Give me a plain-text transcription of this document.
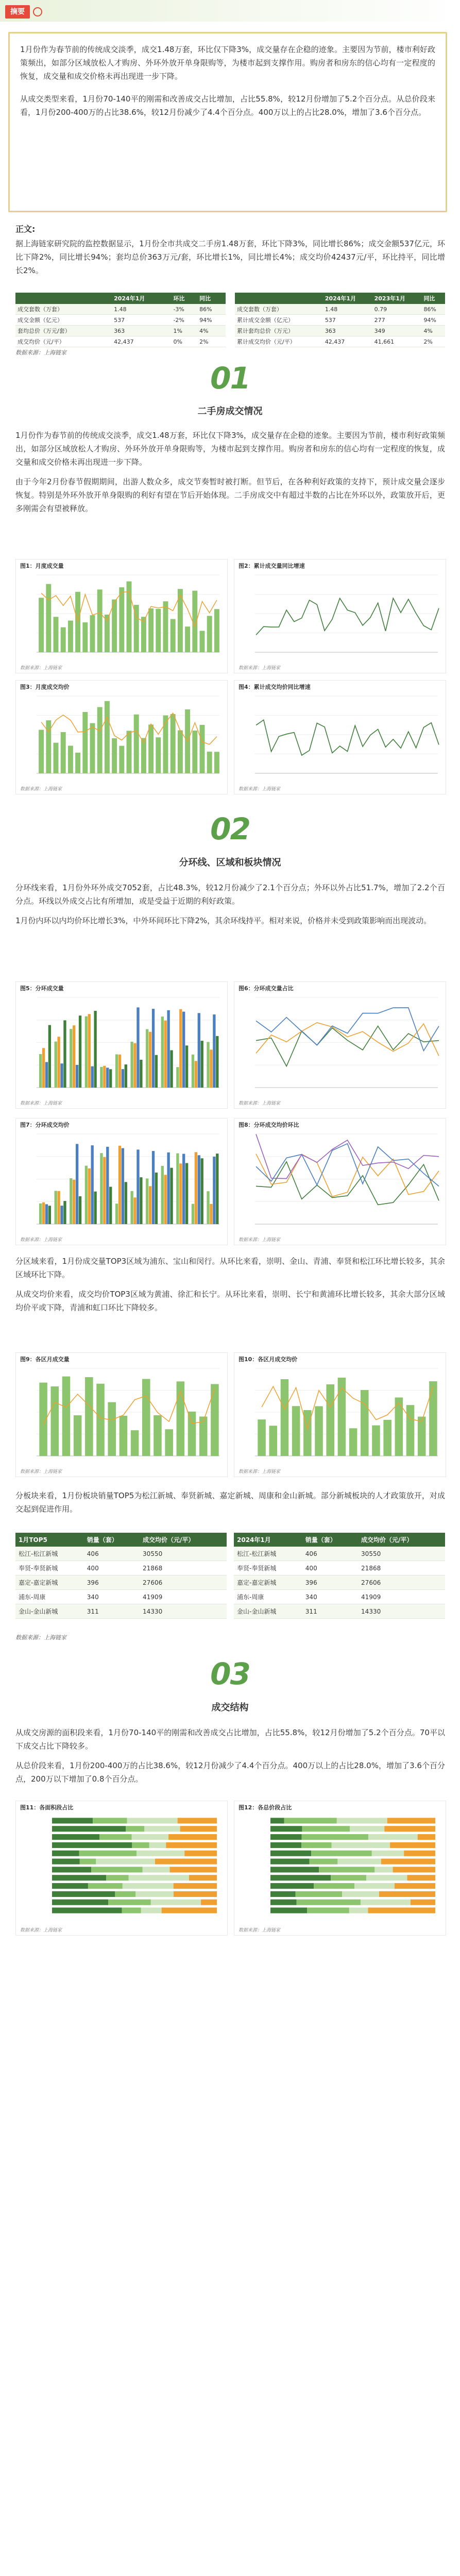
摘要

1月份作为春节前的传统成交淡季，成交1.48万套，环比仅下降3%，成交量存在企稳的迹象。主要因为节前，楼市利好政策频出，如部分区域放松人才购房、外环外放开单身限购等，为楼市起到支撑作用。购房者和房东的信心均有一定程度的恢复，成交量和成交价格未再出现进一步下降。

从成交类型来看，1月份70-140平的刚需和改善成交占比增加，占比55.8%，较12月份增加了5.2个百分点。从总价段来看，1月份200-400万的占比38.6%，较12月份减少了4.4个百分点。400万以上的占比28.0%，增加了3.6个百分点。

正文:

据上海链家研究院的监控数据显示，1月份全市共成交二手房1.48万套，环比下降3%，同比增长86%；成交金额537亿元，环比下降2%，同比增长94%；套均总价363万元/套，环比增长1%，同比增长4%；成交均价42437元/平，环比持平，同比增长2%。

	2024年1月	环比	同比
成交套数（万套）	1.48	-3%	86%
成交金额（亿元）	537	-2%	94%
套均总价（万元/套）	363	1%	4%
成交均价（元/平）	42,437	0%	2%
	2024年1月	2023年1月	同比
成交套数（万套）	1.48	0.79	86%
累计成交金额（亿元）	537	277	94%
累计套均总价（万元）	363	349	4%
累计成交均价（元/平）	42,437	41,661	2%
数据来源：上海链家
01
二手房成交情况

1月份作为春节前的传统成交淡季，成交1.48万套，环比仅下降3%，成交量存在企稳的迹象。主要因为节前，楼市利好政策频出，如部分区域放松人才购房、外环外放开单身限购等，为楼市起到支撑作用。购房者和房东的信心均有一定程度的恢复，成交量和成交价格未再出现进一步下降。

由于今年2月份春节假期期间，出游人数众多，成交节奏暂时被打断。但节后，在各种利好政策的支持下，预计成交量会逐步恢复。特别是外环外放开单身限购的利好有望在节后开始体现。二手房成交中有超过半数的占比在外环以外，政策放开后，更多刚需会有望被释放。

图1：月度成交量
数据来源：上海链家
图2：累计成交量同比增速
数据来源：上海链家
图3：月度成交均价
数据来源：上海链家
图4：累计成交均价同比增速
数据来源：上海链家
02
分环线、区域和板块情况

分环线来看，1月份外环外成交7052套，占比48.3%，较12月份减少了2.1个百分点；外环以外占比51.7%，增加了2.2个百分点。环线以外成交占比有所增加，或是受益于近期的利好政策。

1月份内环以内均价环比增长3%，中外环间环比下降2%，其余环线持平。相对来说，价格并未受到政策影响而出现波动。

图5：分环成交量
数据来源：上海链家
图6：分环成交量占比
数据来源：上海链家
图7：分环成交均价
数据来源：上海链家
图8：分环成交均价环比
数据来源：上海链家

分区域来看，1月份成交量TOP3区域为浦东、宝山和闵行。从环比来看，崇明、金山、青浦、奉贤和松江环比增长较多，其余区域环比下降。

从成交均价来看，成交均价TOP3区域为黄浦、徐汇和长宁。从环比来看，崇明、长宁和黄浦环比增长较多，其余大部分区域均价平或下降，青浦和虹口环比下降较多。

图9：各区月成交量
数据来源：上海链家
图10：各区月成交均价
数据来源：上海链家

分板块来看，1月份板块销量TOP5为松江新城、奉贤新城、嘉定新城、周康和金山新城。部分新城板块的人才政策放开，对成交起到促进作用。

1月TOP5	销量（套）	成交均价（元/平）
松江-松江新城	406	30550
奉贤-奉贤新城	400	21868
嘉定-嘉定新城	396	27606
浦东-周康	340	41909
金山-金山新城	311	14330
2024年1月	销量（套）	成交均价（元/平）
松江-松江新城	406	30550
奉贤-奉贤新城	400	21868
嘉定-嘉定新城	396	27606
浦东-周康	340	41909
金山-金山新城	311	14330
数据来源：上海链家
03
成交结构

从成交房源的面积段来看，1月份70-140平的刚需和改善成交占比增加，占比55.8%，较12月份增加了5.2个百分点。70平以下成交占比下降较多。

从总价段来看，1月份200-400万的占比38.6%，较12月份减少了4.4个百分点。400万以上的占比28.0%，增加了3.6个百分点，200万以下增加了0.8个百分点。

图11：各面积段占比
数据来源：上海链家
图12：各总价段占比
数据来源：上海链家
